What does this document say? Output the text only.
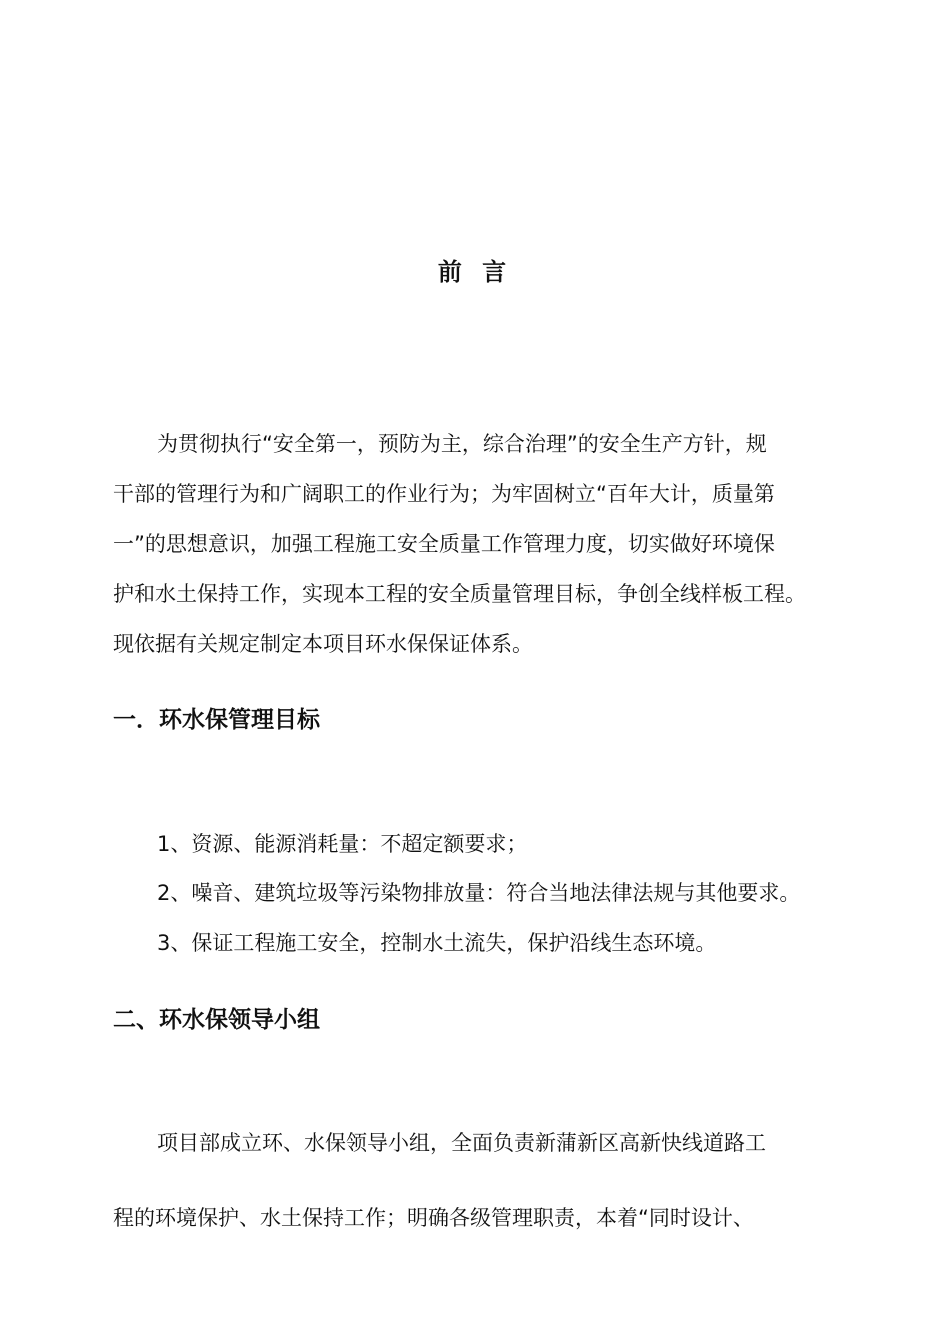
前 言
为贯彻执行“安全第一，预防为主，综合治理”的安全生产方针，规
干部的管理行为和广阔职工的作业行为；为牢固树立“百年大计，质量第
一”的思想意识，加强工程施工安全质量工作管理力度，切实做好环境保
护和水土保持工作，实现本工程的安全质量管理目标，争创全线样板工程。
现依据有关规定制定本项目环水保保证体系。
一．环水保管理目标
1、资源、能源消耗量：不超定额要求；
2、噪音、建筑垃圾等污染物排放量：符合当地法律法规与其他要求。
3、保证工程施工安全，控制水土流失，保护沿线生态环境。
二、环水保领导小组
项目部成立环、水保领导小组，全面负责新蒲新区高新快线道路工
程的环境保护、水土保持工作；明确各级管理职责，本着“同时设计、
